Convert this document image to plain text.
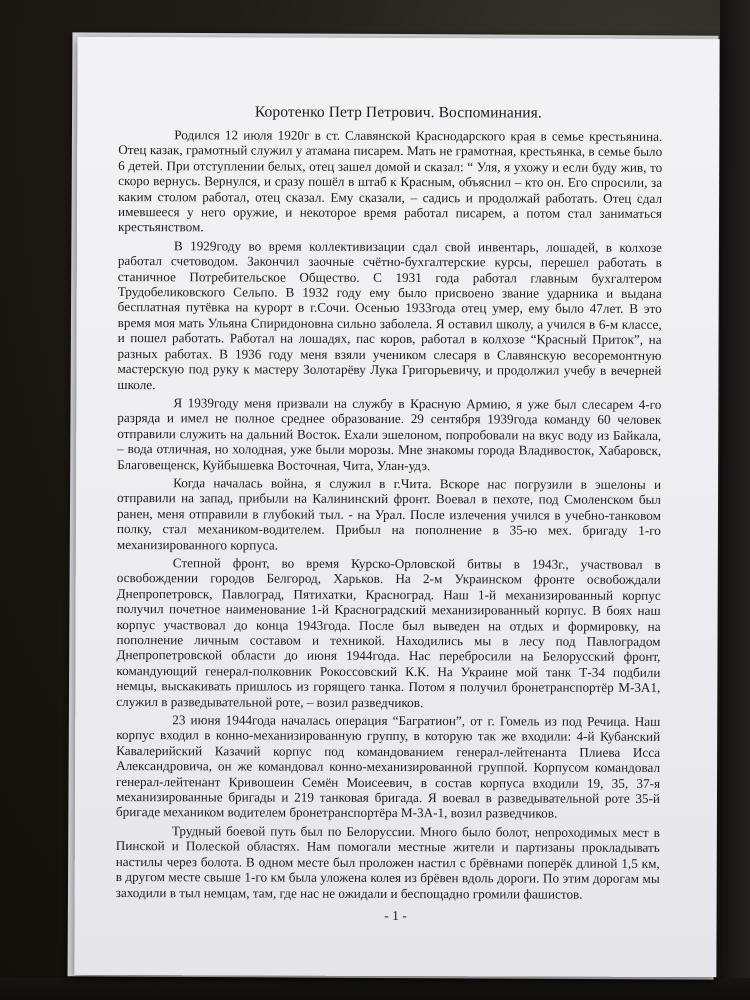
Коротенко Петр Петрович. Воспоминания.

Родился 12 июля 1920г в ст. Славянской Краснодарского края в семье крестьянина. Отец казак, грамотный служил у атамана писарем. Мать не грамотная, крестьянка, в семье было 6 детей. При отступлении белых, отец зашел домой и сказал: “ Уля, я ухожу и если буду жив, то скоро вернусь. Вернулся, и сразу пошёл в штаб к Красным, объяснил – кто он. Его спросили, за каким столом работал, отец сказал. Ему сказали, – садись и продолжай работать. Отец сдал имевшееся у него оружие, и некоторое время работал писарем, а потом стал заниматься крестьянством.

В 1929году во время коллективизации сдал свой инвентарь, лошадей, в колхозе работал счетоводом. Закончил заочные счётно-бухгалтерские курсы, перешел работать в станичное Потребительское Общество. С 1931 года работал главным бухгалтером Трудобеликовского Сельпо. В 1932 году ему было присвоено звание ударника и выдана бесплатная путёвка на курорт в г.Сочи. Осенью 1933года отец умер, ему было 47лет. В это время моя мать Ульяна Спиридоновна сильно заболела. Я оставил школу, а учился в 6-м классе, и пошел работать. Работал на лошадях, пас коров, работал в колхозе “Красный Приток”, на разных работах. В 1936 году меня взяли учеником слесаря в Славянскую весоремонтную мастерскую под руку к мастеру Золотарёву Лука Григорьевичу, и продолжил учебу в вечерней школе.

Я 1939году меня призвали на службу в Красную Армию, я уже был слесарем 4-го разряда и имел не полное среднее образование. 29 сентября 1939года команду 60 человек отправили служить на дальний Восток. Ехали эшелоном, попробовали на вкус воду из Байкала, – вода отличная, но холодная, уже были морозы. Мне знакомы города Владивосток, Хабаровск, Благовещенск, Куйбышевка Восточная, Чита, Улан-удэ.

Когда началась война, я служил в г.Чита. Вскоре нас погрузили в эшелоны и отправили на запад, прибыли на Калининский фронт. Воевал в пехоте, под Смоленском был ранен, меня отправили в глубокий тыл. - на Урал. После излечения учился в учебно-танковом полку, стал механиком-водителем. Прибыл на пополнение в 35-ю мех. бригаду 1-го механизированного корпуса.

Степной фронт, во время Курско-Орловской битвы в 1943г., участвовал в освобождении городов Белгород, Харьков. На 2-м Украинском фронте освобождали Днепропетровск, Павлоград, Пятихатки, Красноград. Наш 1-й механизированный корпус получил почетное наименование 1-й Красноградский механизированный корпус. В боях наш корпус участвовал до конца 1943года. После был выведен на отдых и формировку, на пополнение личным составом и техникой. Находились мы в лесу под Павлоградом Днепропетровской области до июня 1944года. Нас перебросили на Белорусский фронт, командующий генерал-полковник Рокоссовский К.К. На Украине мой танк Т-34 подбили немцы, выскакивать пришлось из горящего танка. Потом я получил бронетранспортёр М-3А1, служил в разведывательной роте, – возил разведчиков.

23 июня 1944года началась операция “Багратион”, от г. Гомель из под Речица. Наш корпус входил в конно-механизированную группу, в которую так же входили: 4-й Кубанский Кавалерийский Казачий корпус под командованием генерал-лейтенанта Плиева Исса Александровича, он же командовал конно-механизированной группой. Корпусом командовал генерал-лейтенант Кривошеин Семён Моисеевич, в состав корпуса входили 19, 35, 37-я механизированные бригады и 219 танковая бригада. Я воевал в разведывательной роте 35-й бригаде механиком водителем бронетранспортёра М-3А-1, возил разведчиков.

Трудный боевой путь был по Белоруссии. Много было болот, непроходимых мест в Пинской и Полеской областях. Нам помогали местные жители и партизаны прокладывать настилы через болота. В одном месте был проложен настил с брёвнами поперёк длиной 1,5 км, в другом месте свыше 1-го км была уложена колея из брёвен вдоль дороги. По этим дорогам мы заходили в тыл немцам, там, где нас не ожидали и беспощадно громили фашистов.

- 1 -
